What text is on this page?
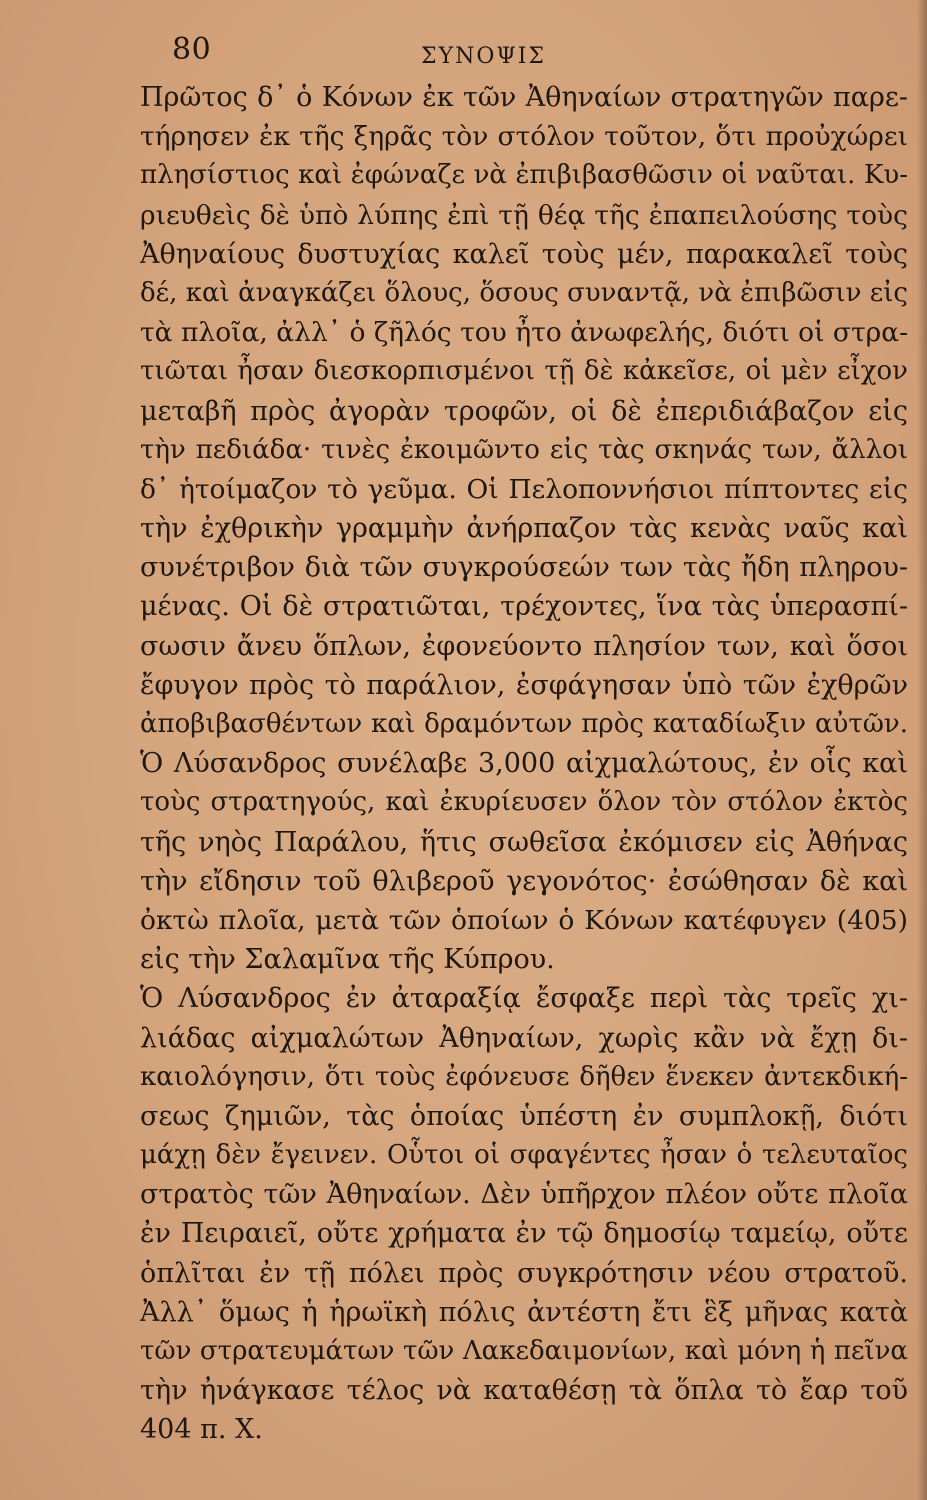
80	ΣΥΝΟΨΙΣ
Πρῶτος δ᾽ ὁ Κόνων ἐκ τῶν Ἀθηναίων στρατηγῶν παρε-
τήρησεν ἐκ τῆς ξηρᾶς τὸν στόλον τοῦτον, ὅτι προὐχώρει
πλησίστιος καὶ ἐφώναζε νὰ ἐπιβιβασθῶσιν οἱ ναῦται. Κυ-
ριευθεὶς δὲ ὑπὸ λύπης ἐπὶ τῇ θέᾳ τῆς ἐπαπειλούσης τοὺς
Ἀθηναίους δυστυχίας καλεῖ τοὺς μέν, παρακαλεῖ τοὺς
δέ, καὶ ἀναγκάζει ὅλους, ὅσους συναντᾷ, νὰ ἐπιβῶσιν εἰς
τὰ πλοῖα, ἀλλ᾽ ὁ ζῆλός του ἦτο ἀνωφελής, διότι οἱ στρα-
τιῶται ἦσαν διεσκορπισμένοι τῇ δὲ κἀκεῖσε, οἱ μὲν εἶχον
μεταβῆ πρὸς ἀγορὰν τροφῶν, οἱ δὲ ἐπεριδιάβαζον εἰς
τὴν πεδιάδα· τινὲς ἐκοιμῶντο εἰς τὰς σκηνάς των, ἄλλοι
δ᾽ ἡτοίμαζον τὸ γεῦμα. Οἱ Πελοποννήσιοι πίπτοντες εἰς
τὴν ἐχθρικὴν γραμμὴν ἀνήρπαζον τὰς κενὰς ναῦς καὶ
συνέτριβον διὰ τῶν συγκρούσεών των τὰς ἤδη πληρου-
μένας. Οἱ δὲ στρατιῶται, τρέχοντες, ἵνα τὰς ὑπερασπί-
σωσιν ἄνευ ὅπλων, ἐφονεύοντο πλησίον των, καὶ ὅσοι
ἔφυγον πρὸς τὸ παράλιον, ἐσφάγησαν ὑπὸ τῶν ἐχθρῶν
ἀποβιβασθέντων καὶ δραμόντων πρὸς καταδίωξιν αὐτῶν.
Ὁ Λύσανδρος συνέλαβε 3,000 αἰχμαλώτους, ἐν οἷς καὶ
τοὺς στρατηγούς, καὶ ἐκυρίευσεν ὅλον τὸν στόλον ἐκτὸς
τῆς νηὸς Παράλου, ἥτις σωθεῖσα ἐκόμισεν εἰς Ἀθήνας
τὴν εἴδησιν τοῦ θλιβεροῦ γεγονότος· ἐσώθησαν δὲ καὶ
ὀκτὼ πλοῖα, μετὰ τῶν ὁποίων ὁ Κόνων κατέφυγεν (405)
εἰς τὴν Σαλαμῖνα τῆς Κύπρου.
Ὁ Λύσανδρος ἐν ἀταραξίᾳ ἔσφαξε περὶ τὰς τρεῖς χι-
λιάδας αἰχμαλώτων Ἀθηναίων, χωρὶς κἂν νὰ ἔχῃ δι-
καιολόγησιν, ὅτι τοὺς ἐφόνευσε δῆθεν ἕνεκεν ἀντεκδική-
σεως ζημιῶν, τὰς ὁποίας ὑπέστη ἐν συμπλοκῇ, διότι
μάχῃ δὲν ἔγεινεν. Οὗτοι οἱ σφαγέντες ἦσαν ὁ τελευταῖος
στρατὸς τῶν Ἀθηναίων. Δὲν ὑπῆρχον πλέον οὔτε πλοῖα
ἐν Πειραιεῖ, οὔτε χρήματα ἐν τῷ δημοσίῳ ταμείῳ, οὔτε
ὁπλῖται ἐν τῇ πόλει πρὸς συγκρότησιν νέου στρατοῦ.
Ἀλλ᾽ ὅμως ἡ ἡρωϊκὴ πόλις ἀντέστη ἔτι ἓξ μῆνας κατὰ
τῶν στρατευμάτων τῶν Λακεδαιμονίων, καὶ μόνη ἡ πεῖνα
τὴν ἠνάγκασε τέλος νὰ καταθέσῃ τὰ ὅπλα τὸ ἔαρ τοῦ
404 π. Χ.
